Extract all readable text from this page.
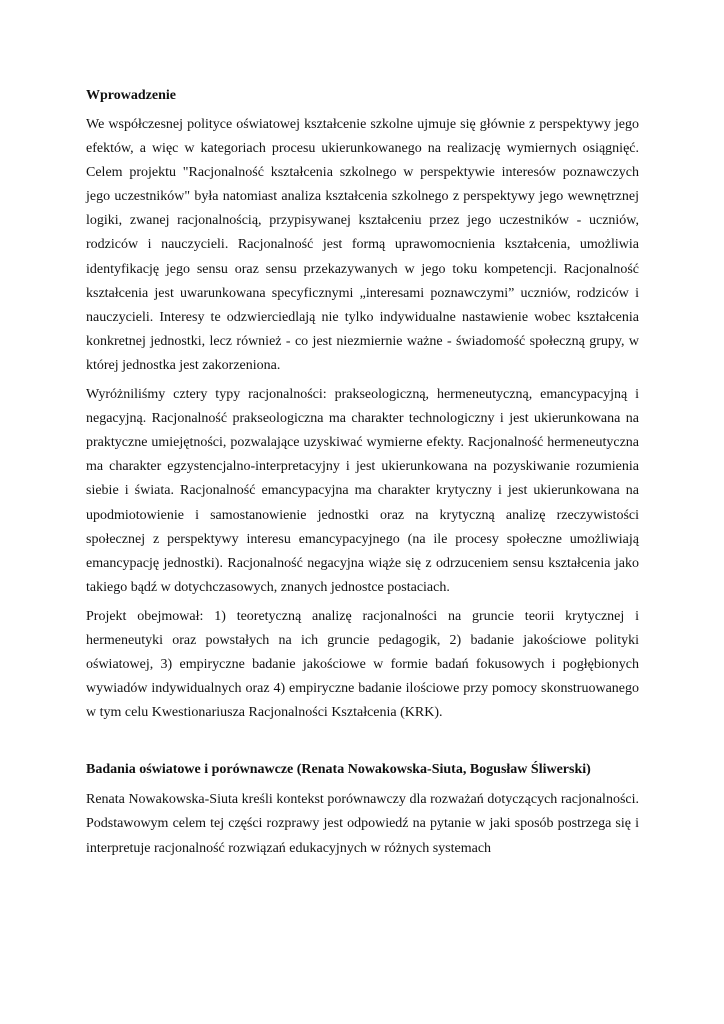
Wprowadzenie

We współczesnej polityce oświatowej kształcenie szkolne ujmuje się głównie z perspektywy jego efektów, a więc w kategoriach procesu ukierunkowanego na realizację wymiernych osiągnięć. Celem projektu "Racjonalność kształcenia szkolnego w perspektywie interesów poznawczych jego uczestników" była natomiast analiza kształcenia szkolnego z perspektywy jego wewnętrznej logiki, zwanej racjonalnością, przypisywanej kształceniu przez jego uczestników - uczniów, rodziców i nauczycieli. Racjonalność jest formą uprawomocnienia kształcenia, umożliwia identyfikację jego sensu oraz sensu przekazywanych w jego toku kompetencji. Racjonalność kształcenia jest uwarunkowana specyficznymi „interesami poznawczymi” uczniów, rodziców i nauczycieli. Interesy te odzwierciedlają nie tylko indywidualne nastawienie wobec kształcenia konkretnej jednostki, lecz również - co jest niezmiernie ważne - świadomość społeczną grupy, w której jednostka jest zakorzeniona.

Wyróżniliśmy cztery typy racjonalności: prakseologiczną, hermeneutyczną, emancypacyjną i negacyjną. Racjonalność prakseologiczna ma charakter technologiczny i jest ukierunkowana na praktyczne umiejętności, pozwalające uzyskiwać wymierne efekty. Racjonalność hermeneutyczna ma charakter egzystencjalno-interpretacyjny i jest ukierunkowana na pozyskiwanie rozumienia siebie i świata. Racjonalność emancypacyjna ma charakter krytyczny i jest ukierunkowana na upodmiotowienie i samostanowienie jednostki oraz na krytyczną analizę rzeczywistości społecznej z perspektywy interesu emancypacyjnego (na ile procesy społeczne umożliwiają emancypację jednostki). Racjonalność negacyjna wiąże się z odrzuceniem sensu kształcenia jako takiego bądź w dotychczasowych, znanych jednostce postaciach.

Projekt obejmował: 1) teoretyczną analizę racjonalności na gruncie teorii krytycznej i hermeneutyki oraz powstałych na ich gruncie pedagogik, 2) badanie jakościowe polityki oświatowej, 3) empiryczne badanie jakościowe w formie badań fokusowych i pogłębionych wywiadów indywidualnych oraz 4) empiryczne badanie ilościowe przy pomocy skonstruowanego w tym celu Kwestionariusza Racjonalności Kształcenia (KRK).

Badania oświatowe i porównawcze (Renata Nowakowska-Siuta, Bogusław Śliwerski)

Renata Nowakowska-Siuta kreśli kontekst porównawczy dla rozważań dotyczących racjonalności. Podstawowym celem tej części rozprawy jest odpowiedź na pytanie w jaki sposób postrzega się i interpretuje racjonalność rozwiązań edukacyjnych w różnych systemach
